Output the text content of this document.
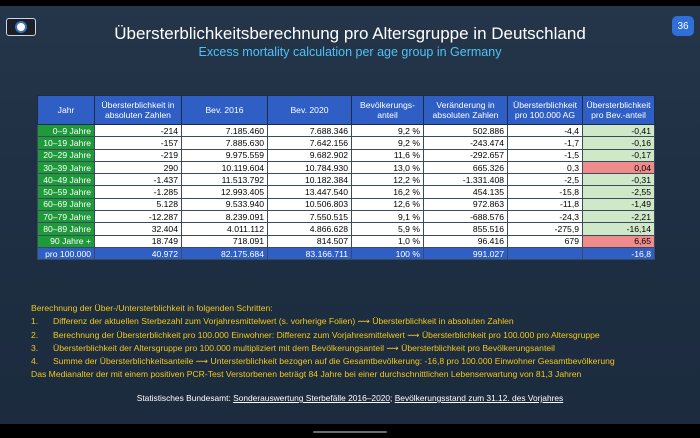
36
Übersterblichkeitsberechnung pro Altersgruppe in Deutschland
Excess mortality calculation per age group in Germany
Jahr	Übersterblichkeit in absoluten Zahlen	Bev. 2016	Bev. 2020	Bevölkerungs-anteil	Veränderung in absoluten Zahlen	Übersterblichkeit pro 100.000 AG	Übersterblichkeit pro Bev.-anteil
0–9 Jahre	-214	7.185.460	7.688.346	9,2 %	502.886	-4,4	-0,41
10–19 Jahre	-157	7.885.630	7.642.156	9,2 %	-243.474	-1,7	-0,16
20–29 Jahre	-219	9.975.559	9.682.902	11,6 %	-292.657	-1,5	-0,17
30–39 Jahre	290	10.119.604	10.784.930	13,0 %	665.326	0,3	0,04
40–49 Jahre	-1.437	11.513.792	10.182.384	12,2 %	-1.331.408	-2,5	-0,31
50–59 Jahre	-1.285	12.993.405	13.447.540	16,2 %	454.135	-15,8	-2,55
60–69 Jahre	5.128	9.533.940	10.506.803	12,6 %	972.863	-11,8	-1,49
70–79 Jahre	-12.287	8.239.091	7.550.515	9,1 %	-688.576	-24,3	-2,21
80–89 Jahre	32.404	4.011.112	4.866.628	5,9 %	855.516	-275,9	-16,14
90 Jahre +	18.749	718.091	814.507	1,0 %	96.416	679	6,65
pro 100.000	40.972	82.175.684	83.166.711	100 %	991.027		-16,8
Berechnung der Über-/Untersterblichkeit in folgenden Schritten:
1.	Differenz der aktuellen Sterbezahl zum Vorjahresmittelwert (s. vorherige Folien) ⟿ Übersterblichkeit in absoluten Zahlen
2.	Berechnung der Übersterblichkeit pro 100.000 Einwohner: Differenz zum Vorjahresmittelwert ⟿ Übersterblichkeit pro 100.000 pro Altersgruppe
3.	Übersterblichkeit der Altersgruppe pro 100.000 multipliziert mit dem Bevölkerungsanteil ⟿ Übersterblichkeit pro Bevölkerungsanteil
4.	Summe der Übersterblichkeitsanteile ⟿ Untersterblichkeit bezogen auf die Gesamtbevölkerung: -16,8 pro 100.000 Einwohner Gesamtbevölkerung
Das Medianalter der mit einem positiven PCR-Test Verstorbenen beträgt 84 Jahre bei einer durchschnittlichen Lebenserwartung von 81,3 Jahren
Statistisches Bundesamt: Sonderauswertung Sterbefälle 2016–2020; Bevölkerungsstand zum 31.12. des Vorjahres
